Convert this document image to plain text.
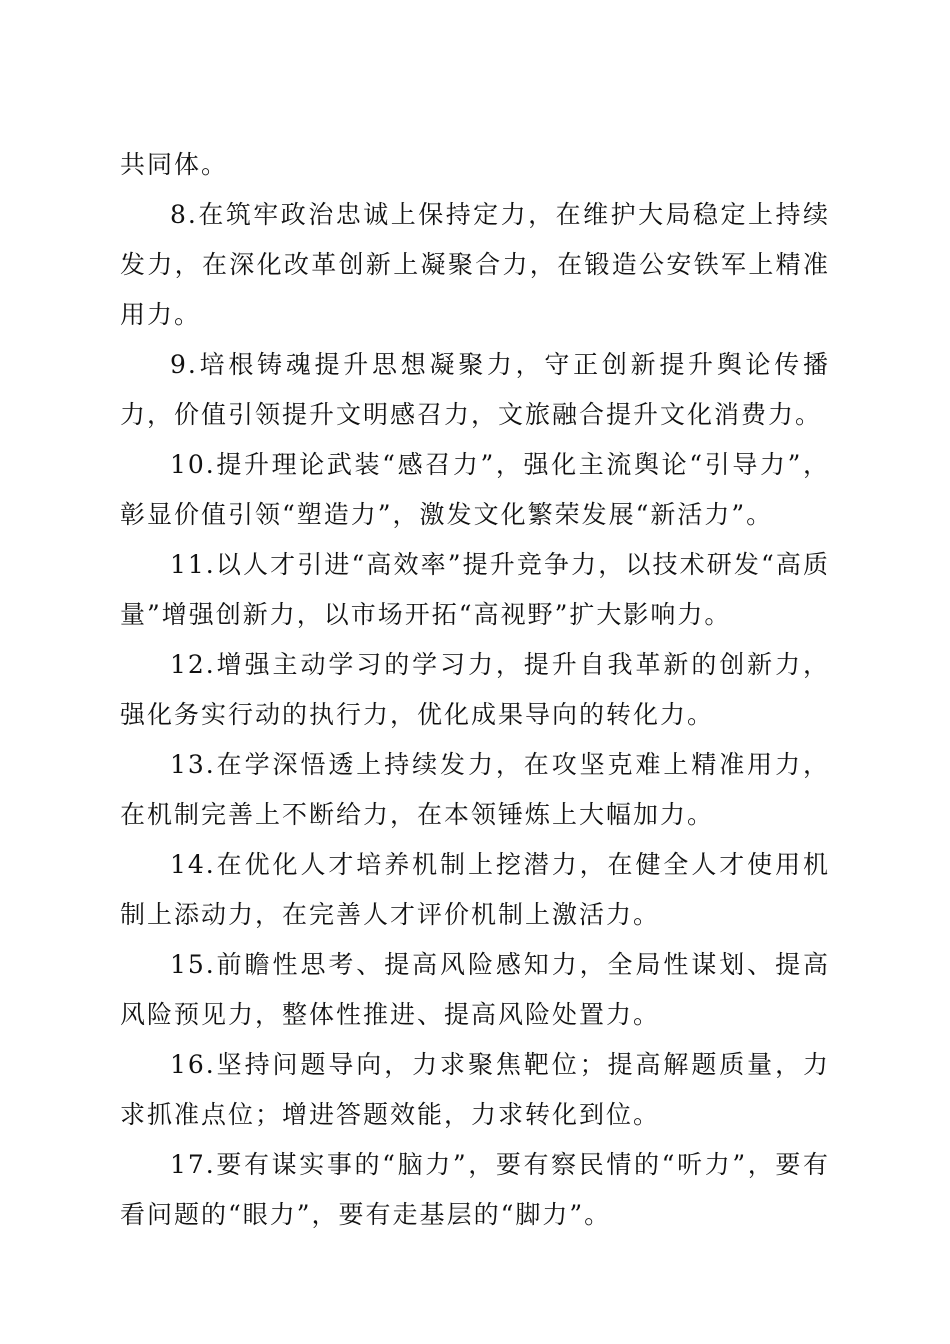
共同体。

8.在筑牢政治忠诚上保持定力，在维护大局稳定上持续发力，在深化改革创新上凝聚合力，在锻造公安铁军上精准用力。

9.培根铸魂提升思想凝聚力，守正创新提升舆论传播力，价值引领提升文明感召力，文旅融合提升文化消费力。

10.提升理论武装“感召力”，强化主流舆论“引导力”，彰显价值引领“塑造力”，激发文化繁荣发展“新活力”。

11.以人才引进“高效率”提升竞争力，以技术研发“高质量”增强创新力，以市场开拓“高视野”扩大影响力。

12.增强主动学习的学习力，提升自我革新的创新力，强化务实行动的执行力，优化成果导向的转化力。

13.在学深悟透上持续发力，在攻坚克难上精准用力，在机制完善上不断给力，在本领锤炼上大幅加力。

14.在优化人才培养机制上挖潜力，在健全人才使用机制上添动力，在完善人才评价机制上激活力。

15.前瞻性思考、提高风险感知力，全局性谋划、提高风险预见力，整体性推进、提高风险处置力。

16.坚持问题导向，力求聚焦靶位；提高解题质量，力求抓准点位；增进答题效能，力求转化到位。

17.要有谋实事的“脑力”，要有察民情的“听力”，要有看问题的“眼力”，要有走基层的“脚力”。
